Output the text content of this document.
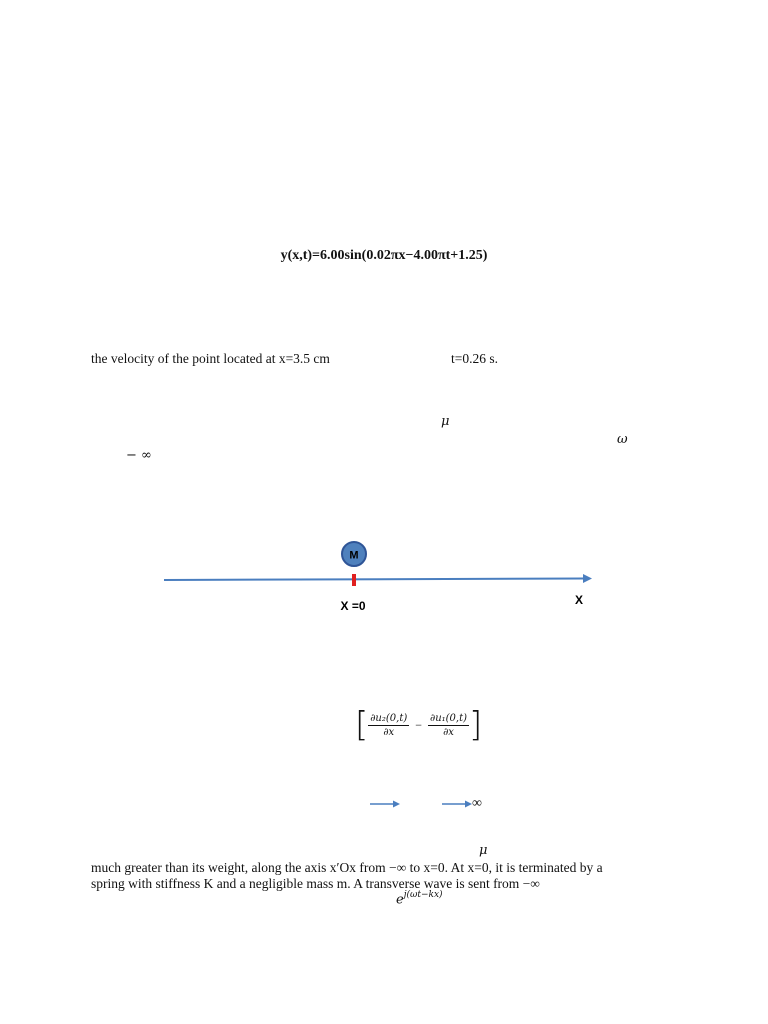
y(x,t)=6.00sin(0.02πx−4.00πt+1.25)
the velocity of the point located at x=3.5 cm	t=0.26 s.
μ
ω
− ∞
M
X =0	X
[ $\frac{\text{∂u₂(0,t)}}{\partial x} - \frac{\text{∂u₁(0,t)}}{\partial x}$ ]
∞
μ
much greater than its weight, along the axis x′Ox from −∞ to x=0. At x=0, it is terminated by a
spring with stiffness K and a negligible mass m. A transverse wave is sent from −∞
$e^{j(\omega t-kx)}$
